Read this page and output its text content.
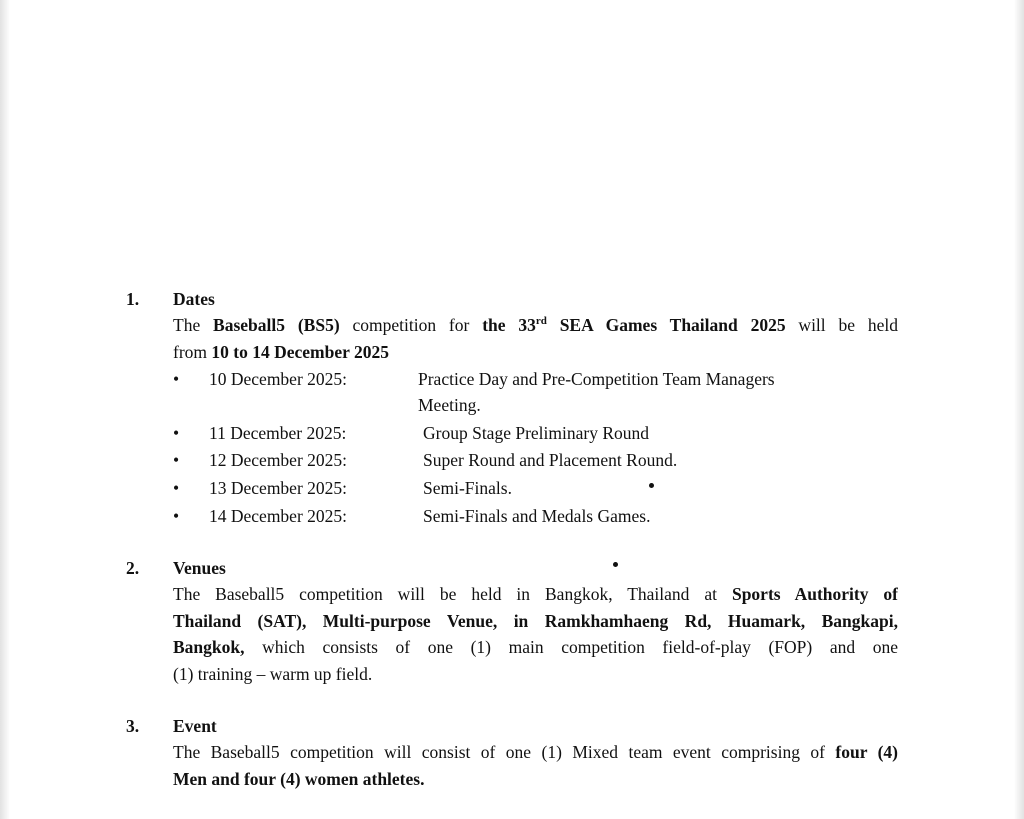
1. Dates
The Baseball5 (BS5) competition for the 33rd SEA Games Thailand 2025 will be held
from 10 to 14 December 2025
• 10 December 2025:	Practice Day and Pre-Competition Team Managers
Meeting.
• 11 December 2025:	Group Stage Preliminary Round
• 12 December 2025:	Super Round and Placement Round.
• 13 December 2025:	Semi-Finals.
• 14 December 2025:	Semi-Finals and Medals Games.
2. Venues
The Baseball5 competition will be held in Bangkok, Thailand at Sports Authority of
Thailand (SAT), Multi-purpose Venue, in Ramkhamhaeng Rd, Huamark, Bangkapi,
Bangkok, which consists of one (1) main competition field-of-play (FOP) and one
(1) training – warm up field.
3. Event
The Baseball5 competition will consist of one (1) Mixed team event comprising of four (4)
Men and four (4) women athletes.
